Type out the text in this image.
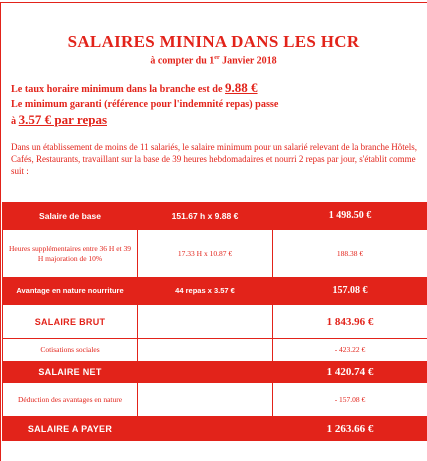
SALAIRES MININA DANS LES HCR
à compter du 1er Janvier 2018
Le taux horaire minimum dans la branche est de 9.88 €
Le minimum garanti (référence pour l'indemnité repas) passe
à 3.57 € par repas
Dans un établissement de moins de 11 salariés, le salaire minimum pour un salarié relevant de la branche Hôtels, Cafés, Restaurants, travaillant sur la base de 39 heures hebdomadaires et nourri 2 repas par jour, s'établit comme suit :
Salaire de base	151.67 h x 9.88 €	1 498.50 €
Heures supplémentaires entre 36 H et 39 H majoration de 10%	17.33 H x 10.87 €	188.38 €
Avantage en nature nourriture	44 repas x 3.57 €	157.08 €
SALAIRE BRUT		1 843.96 €
Cotisations sociales		- 423.22 €
SALAIRE NET		1 420.74 €
Déduction des avantages en nature		- 157.08 €
SALAIRE A PAYER		1 263.66 €
